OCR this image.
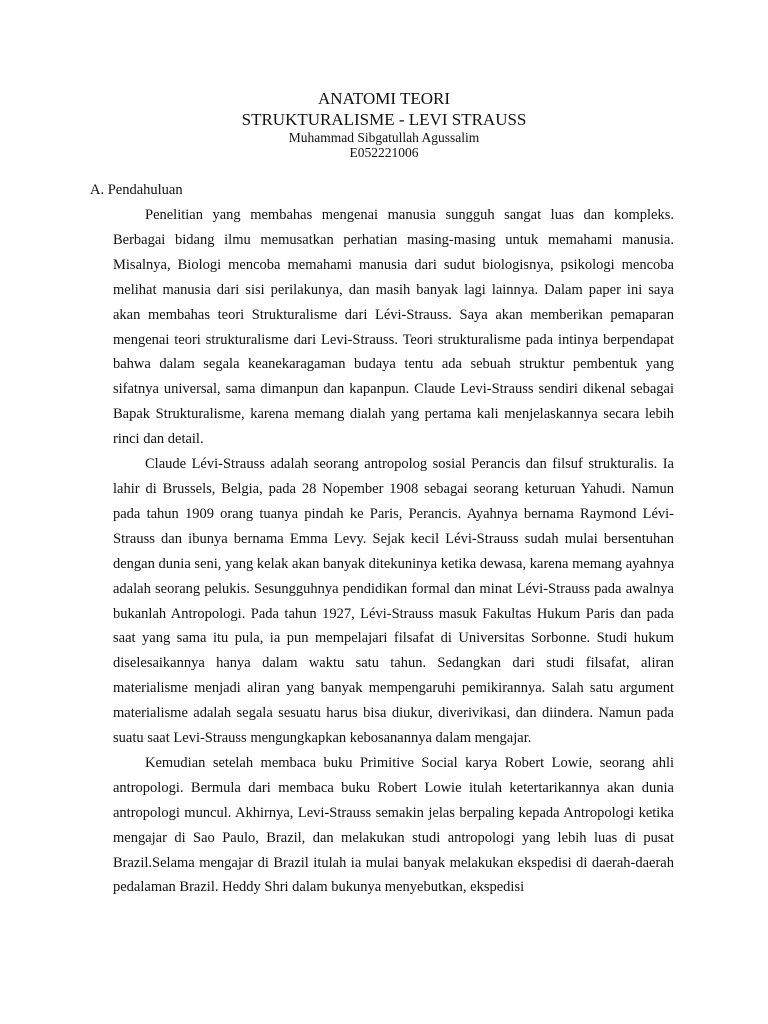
ANATOMI TEORI
STRUKTURALISME - LEVI STRAUSS
Muhammad Sibgatullah Agussalim
E052221006
A. Pendahuluan

Penelitian yang membahas mengenai manusia sungguh sangat luas dan kompleks. Berbagai bidang ilmu memusatkan perhatian masing-masing untuk memahami manusia. Misalnya, Biologi mencoba memahami manusia dari sudut biologisnya, psikologi mencoba melihat manusia dari sisi perilakunya, dan masih banyak lagi lainnya. Dalam paper ini saya akan membahas teori Strukturalisme dari Lévi-Strauss. Saya akan memberikan pemaparan mengenai teori strukturalisme dari Levi-Strauss. Teori strukturalisme pada intinya berpendapat bahwa dalam segala keanekaragaman budaya tentu ada sebuah struktur pembentuk yang sifatnya universal, sama dimanpun dan kapanpun. Claude Levi-Strauss sendiri dikenal sebagai Bapak Strukturalisme, karena memang dialah yang pertama kali menjelaskannya secara lebih rinci dan detail.

Claude Lévi-Strauss adalah seorang antropolog sosial Perancis dan filsuf strukturalis. Ia lahir di Brussels, Belgia, pada 28 Nopember 1908 sebagai seorang keturuan Yahudi. Namun pada tahun 1909 orang tuanya pindah ke Paris, Perancis. Ayahnya bernama Raymond Lévi-Strauss dan ibunya bernama Emma Levy. Sejak kecil Lévi-Strauss sudah mulai bersentuhan dengan dunia seni, yang kelak akan banyak ditekuninya ketika dewasa, karena memang ayahnya adalah seorang pelukis. Sesungguhnya pendidikan formal dan minat Lévi-Strauss pada awalnya bukanlah Antropologi. Pada tahun 1927, Lévi-Strauss masuk Fakultas Hukum Paris dan pada saat yang sama itu pula, ia pun mempelajari filsafat di Universitas Sorbonne. Studi hukum diselesaikannya hanya dalam waktu satu tahun. Sedangkan dari studi filsafat, aliran materialisme menjadi aliran yang banyak mempengaruhi pemikirannya. Salah satu argument materialisme adalah segala sesuatu harus bisa diukur, diverivikasi, dan diindera. Namun pada suatu saat Levi-Strauss mengungkapkan kebosanannya dalam mengajar.

Kemudian setelah membaca buku Primitive Social karya Robert Lowie, seorang ahli antropologi. Bermula dari membaca buku Robert Lowie itulah ketertarikannya akan dunia antropologi muncul. Akhirnya, Levi-Strauss semakin jelas berpaling kepada Antropologi ketika mengajar di Sao Paulo, Brazil, dan melakukan studi antropologi yang lebih luas di pusat Brazil.Selama mengajar di Brazil itulah ia mulai banyak melakukan ekspedisi di daerah-daerah pedalaman Brazil. Heddy Shri dalam bukunya menyebutkan, ekspedisi
